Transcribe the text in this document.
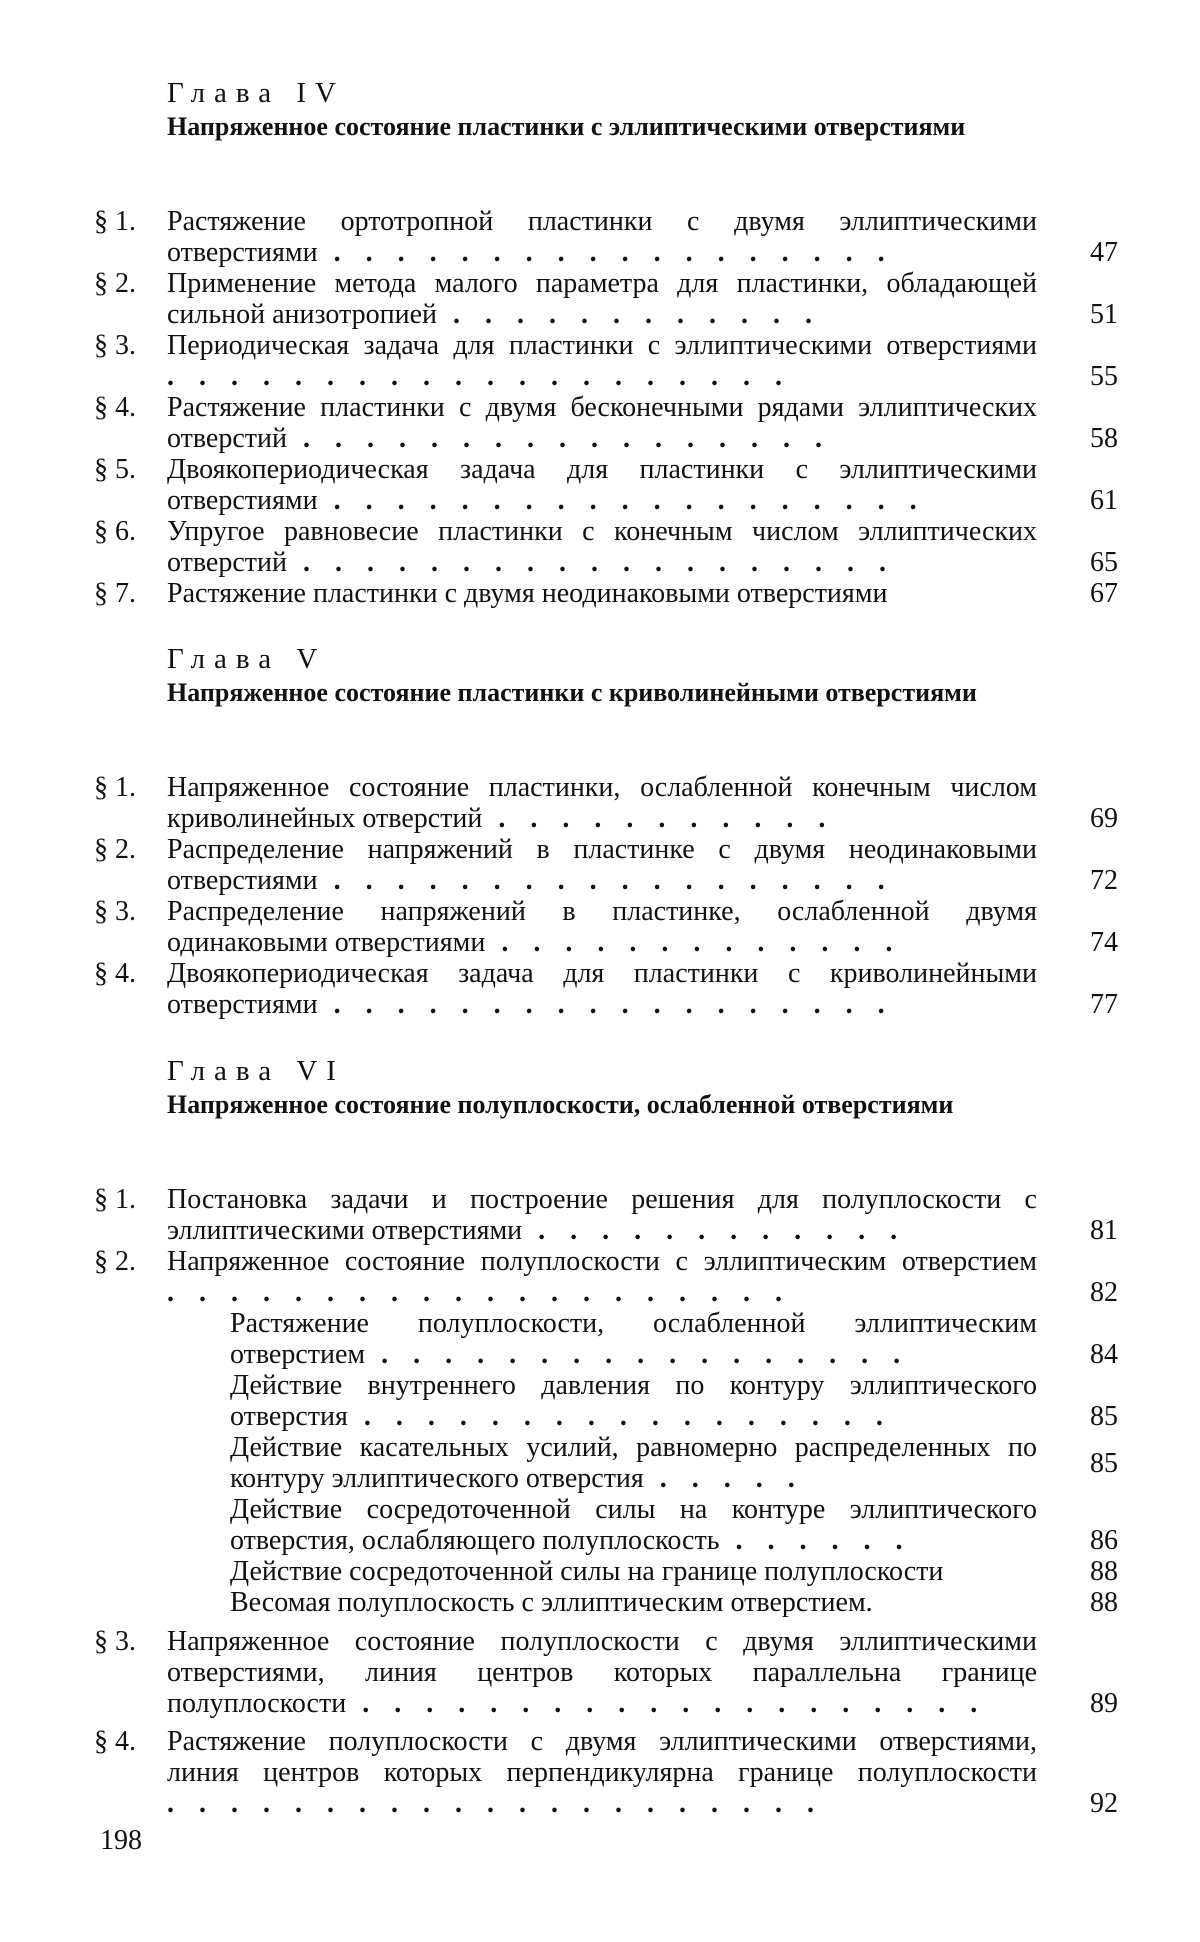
Глава IV
Напряженное состояние пластинки с эллиптическими отверстиями
§ 1. Растяжение ортотропной пластинки с двумя эллиптическими отверстиями . . . . . . . . . . . . . . . . . .	47
§ 2. Применение метода малого параметра для пластинки, обладающей сильной анизотропией . . . . . . . . . . . .	51
§ 3. Периодическая задача для пластинки с эллиптическими отверстиями . . . . . . . . . . . . . . . . . . . .	55
§ 4. Растяжение пластинки с двумя бесконечными рядами эллиптических отверстий . . . . . . . . . . . . . . . . .	58
§ 5. Двоякопериодическая задача для пластинки с эллиптическими отверстиями . . . . . . . . . . . . . . . . . . .	61
§ 6. Упругое равновесие пластинки с конечным числом эллиптических отверстий . . . . . . . . . . . . . . . . . . .	65
§ 7. Растяжение пластинки с двумя неодинаковыми отверстиями	67
Глава V
Напряженное состояние пластинки с криволинейными отверстиями
§ 1. Напряженное состояние пластинки, ослабленной конечным числом криволинейных отверстий . . . . . . . . . . .	69
§ 2. Распределение напряжений в пластинке с двумя неодинаковыми отверстиями . . . . . . . . . . . . . . . . . .	72
§ 3. Распределение напряжений в пластинке, ослабленной двумя одинаковыми отверстиями . . . . . . . . . . . . .	74
§ 4. Двоякопериодическая задача для пластинки с криволинейными отверстиями . . . . . . . . . . . . . . . . . .	77
Глава VI
Напряженное состояние полуплоскости, ослабленной отверстиями
§ 1. Постановка задачи и построение решения для полуплоскости с эллиптическими отверстиями . . . . . . . . . . . .	81
§ 2. Напряженное состояние полуплоскости с эллиптическим отверстием . . . . . . . . . . . . . . . . . . . .	82
Растяжение полуплоскости, ослабленной эллиптическим отверстием . . . . . . . . . . . . . . . . .	84
Действие внутреннего давления по контуру эллиптического отверстия . . . . . . . . . . . . . . . . .	85
Действие касательных усилий, равномерно распределенных по контуру эллиптического отверстия . . . . .	85
Действие сосредоточенной силы на контуре эллиптического отверстия, ослабляющего полуплоскость . . . . . .	86
Действие сосредоточенной силы на границе полуплоскости	88
Весомая полуплоскость с эллиптическим отверстием.	88
§ 3. Напряженное состояние полуплоскости с двумя эллиптическими отверстиями, линия центров которых параллельна границе полуплоскости . . . . . . . . . . . . . . . . . . . .	89
§ 4. Растяжение полуплоскости с двумя эллиптическими отверстиями, линия центров которых перпендикулярна границе полуплоскости . . . . . . . . . . . . . . . . . . . . .	92
198
